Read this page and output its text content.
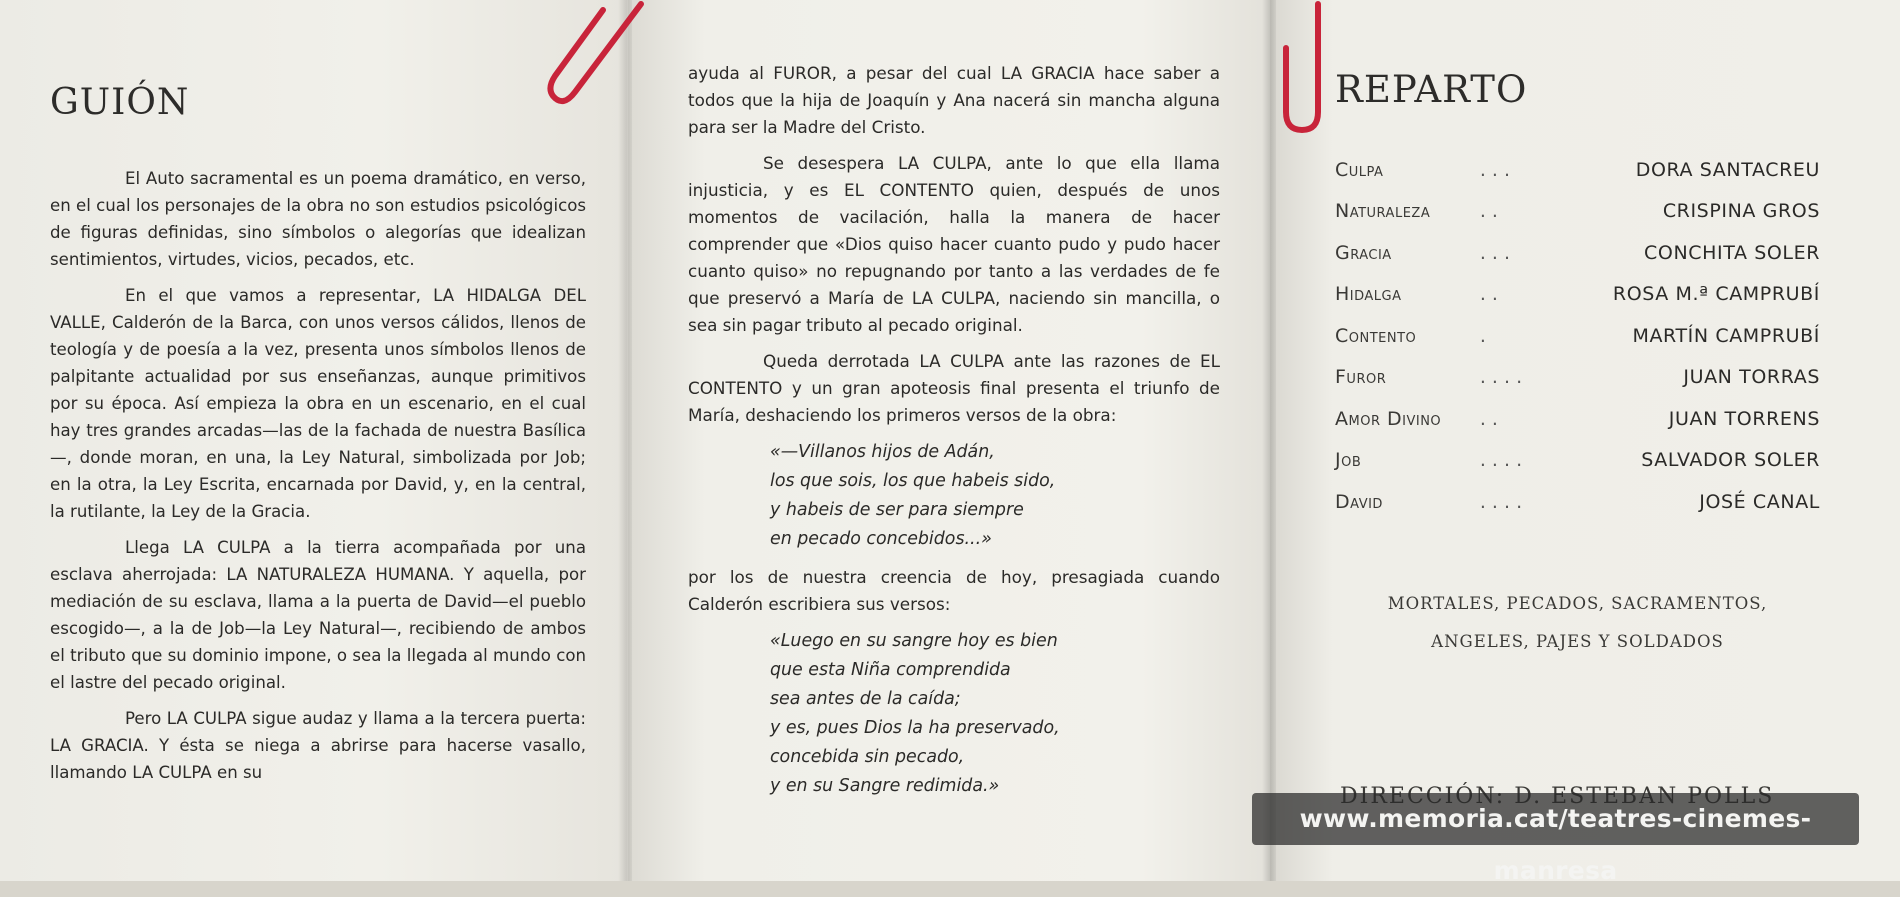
GUIÓN

El Auto sacramental es un poema dramático, en verso, en el cual los personajes de la obra no son estudios psicológicos de figuras definidas, sino símbolos o alegorías que idealizan sentimientos, virtudes, vicios, pecados, etc.

En el que vamos a representar, LA HIDALGA DEL VALLE, Calderón de la Barca, con unos versos cálidos, llenos de teología y de poesía a la vez, presenta unos símbolos llenos de palpitante actualidad por sus enseñanzas, aunque primitivos por su época. Así empieza la obra en un escenario, en el cual hay tres grandes arcadas—las de la fachada de nuestra Basílica—, donde moran, en una, la Ley Natural, simbolizada por Job; en la otra, la Ley Escrita, encarnada por David, y, en la central, la rutilante, la Ley de la Gracia.

Llega LA CULPA a la tierra acompañada por una esclava aherrojada: LA NATURALEZA HUMANA. Y aquella, por mediación de su esclava, llama a la puerta de David—el pueblo escogido—, a la de Job—la Ley Natural—, recibiendo de ambos el tributo que su dominio impone, o sea la llegada al mundo con el lastre del pecado original.

Pero LA CULPA sigue audaz y llama a la tercera puerta: LA GRACIA. Y ésta se niega a abrirse para hacerse vasallo, llamando LA CULPA en su

ayuda al FUROR, a pesar del cual LA GRACIA hace saber a todos que la hija de Joaquín y Ana nacerá sin mancha alguna para ser la Madre del Cristo.

Se desespera LA CULPA, ante lo que ella llama injusticia, y es EL CONTENTO quien, después de unos momentos de vacilación, halla la manera de hacer comprender que «Dios quiso hacer cuanto pudo y pudo hacer cuanto quiso» no repugnando por tanto a las verdades de fe que preservó a María de LA CULPA, naciendo sin mancilla, o sea sin pagar tributo al pecado original.

Queda derrotada LA CULPA ante las razones de EL CONTENTO y un gran apoteosis final presenta el triunfo de María, deshaciendo los primeros versos de la obra:

«—Villanos hijos de Adán,
los que sois, los que habeis sido,
y habeis de ser para siempre
en pecado concebidos...»

por los de nuestra creencia de hoy, presagiada cuando Calderón escribiera sus versos:

«Luego en su sangre hoy es bien
que esta Niña comprendida
sea antes de la caída;
y es, pues Dios la ha preservado,
concebida sin pecado,
y en su Sangre redimida.»
REPARTO
Culpa	. . .	DORA SANTACREU
Naturaleza	. .	CRISPINA GROS
Gracia	. . .	CONCHITA SOLER
Hidalga	. .	ROSA M.ª CAMPRUBÍ
Contento	.	MARTÍN CAMPRUBÍ
Furor	. . . .	JUAN TORRAS
Amor Divino	. .	JUAN TORRENS
Job	. . . .	SALVADOR SOLER
David	. . . .	JOSÉ CANAL
MORTALES, PECADOS, SACRAMENTOS,
ANGELES, PAJES Y SOLDADOS
www.memoria.cat/teatres-cinemes-manresa
